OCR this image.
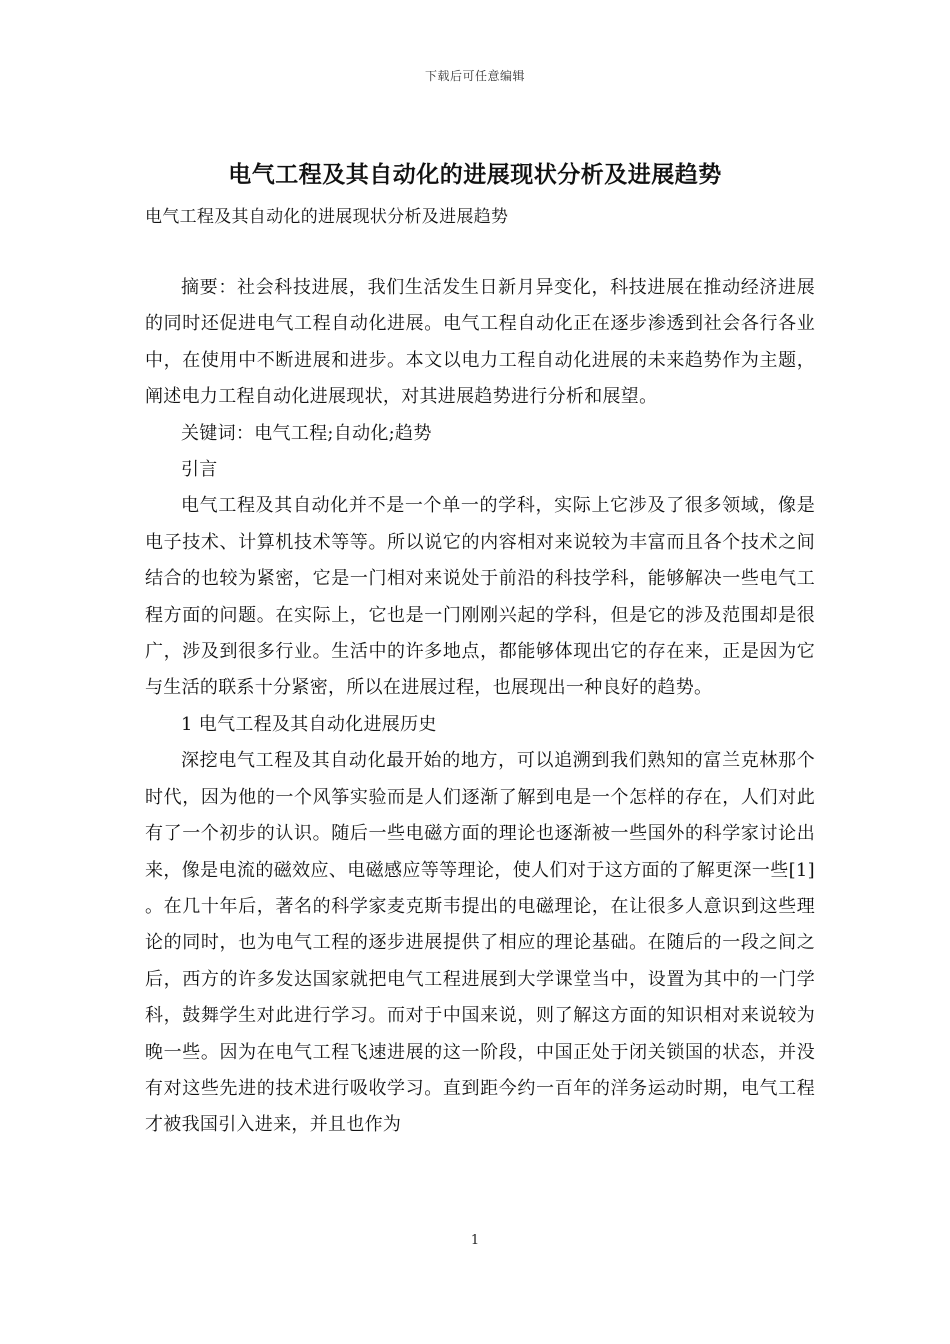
下载后可任意编辑
电气工程及其自动化的进展现状分析及进展趋势
电气工程及其自动化的进展现状分析及进展趋势

摘要：社会科技进展，我们生活发生日新月异变化，科技进展在推动经济进展的同时还促进电气工程自动化进展。电气工程自动化正在逐步渗透到社会各行各业中，在使用中不断进展和进步。本文以电力工程自动化进展的未来趋势作为主题，阐述电力工程自动化进展现状，对其进展趋势进行分析和展望。

关键词：电气工程;自动化;趋势

引言

电气工程及其自动化并不是一个单一的学科，实际上它涉及了很多领域，像是电子技术、计算机技术等等。所以说它的内容相对来说较为丰富而且各个技术之间结合的也较为紧密，它是一门相对来说处于前沿的科技学科，能够解决一些电气工程方面的问题。在实际上，它也是一门刚刚兴起的学科，但是它的涉及范围却是很广，涉及到很多行业。生活中的许多地点，都能够体现出它的存在来，正是因为它与生活的联系十分紧密，所以在进展过程，也展现出一种良好的趋势。

1 电气工程及其自动化进展历史

深挖电气工程及其自动化最开始的地方，可以追溯到我们熟知的富兰克林那个时代，因为他的一个风筝实验而是人们逐渐了解到电是一个怎样的存在，人们对此有了一个初步的认识。随后一些电磁方面的理论也逐渐被一些国外的科学家讨论出来，像是电流的磁效应、电磁感应等等理论，使人们对于这方面的了解更深一些[1] 。在几十年后，著名的科学家麦克斯韦提出的电磁理论，在让很多人意识到这些理论的同时，也为电气工程的逐步进展提供了相应的理论基础。在随后的一段之间之后，西方的许多发达国家就把电气工程进展到大学课堂当中，设置为其中的一门学科，鼓舞学生对此进行学习。而对于中国来说，则了解这方面的知识相对来说较为晚一些。因为在电气工程飞速进展的这一阶段，中国正处于闭关锁国的状态，并没有对这些先进的技术进行吸收学习。直到距今约一百年的洋务运动时期，电气工程才被我国引入进来，并且也作为

1
